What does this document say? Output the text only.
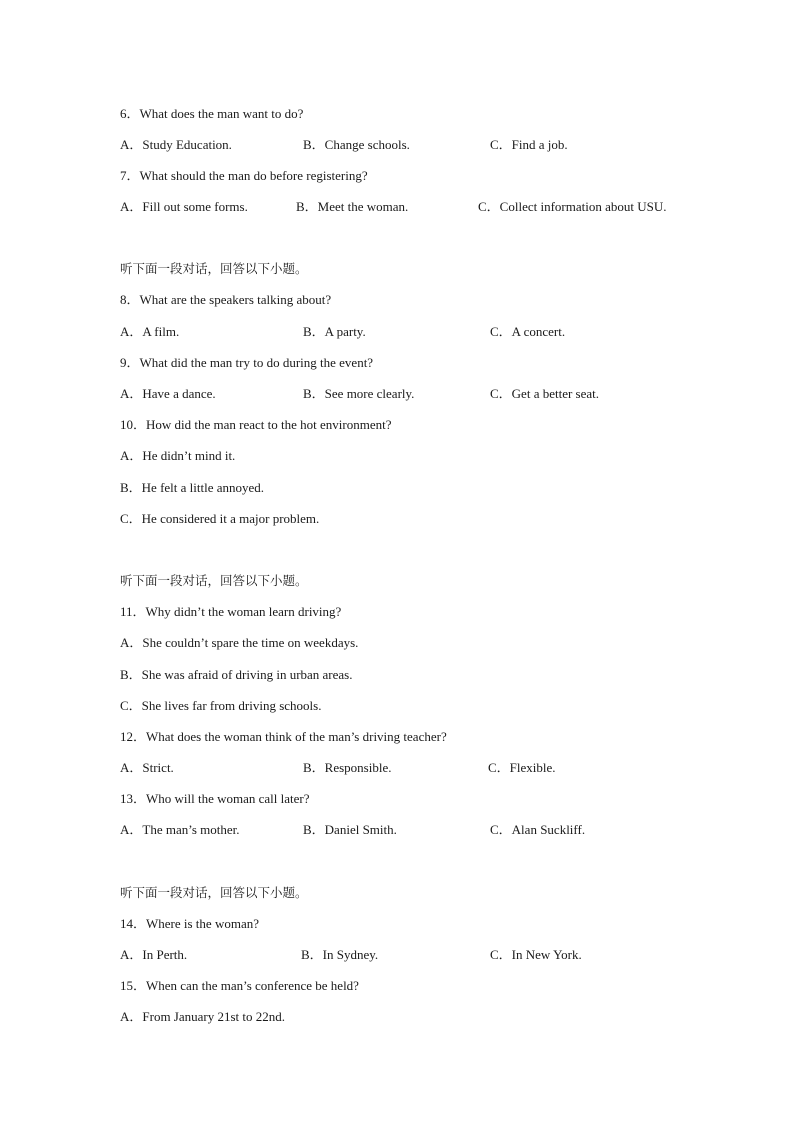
6．What does the man want to do?
A．Study Education.	B．Change schools.	C．Find a job.
7．What should the man do before registering?
A．Fill out some forms.	B．Meet the woman.	C．Collect information about USU.
听下面一段对话，回答以下小题。
8．What are the speakers talking about?
A．A film.	B．A party.	C．A concert.
9．What did the man try to do during the event?
A．Have a dance.	B．See more clearly.	C．Get a better seat.
10．How did the man react to the hot environment?
A．He didn’t mind it.
B．He felt a little annoyed.
C．He considered it a major problem.
听下面一段对话，回答以下小题。
11．Why didn’t the woman learn driving?
A．She couldn’t spare the time on weekdays.
B．She was afraid of driving in urban areas.
C．She lives far from driving schools.
12．What does the woman think of the man’s driving teacher?
A．Strict.	B．Responsible.	C．Flexible.
13．Who will the woman call later?
A．The man’s mother.	B．Daniel Smith.	C．Alan Suckliff.
听下面一段对话，回答以下小题。
14．Where is the woman?
A．In Perth.	B．In Sydney.	C．In New York.
15．When can the man’s conference be held?
A．From January 21st to 22nd.
